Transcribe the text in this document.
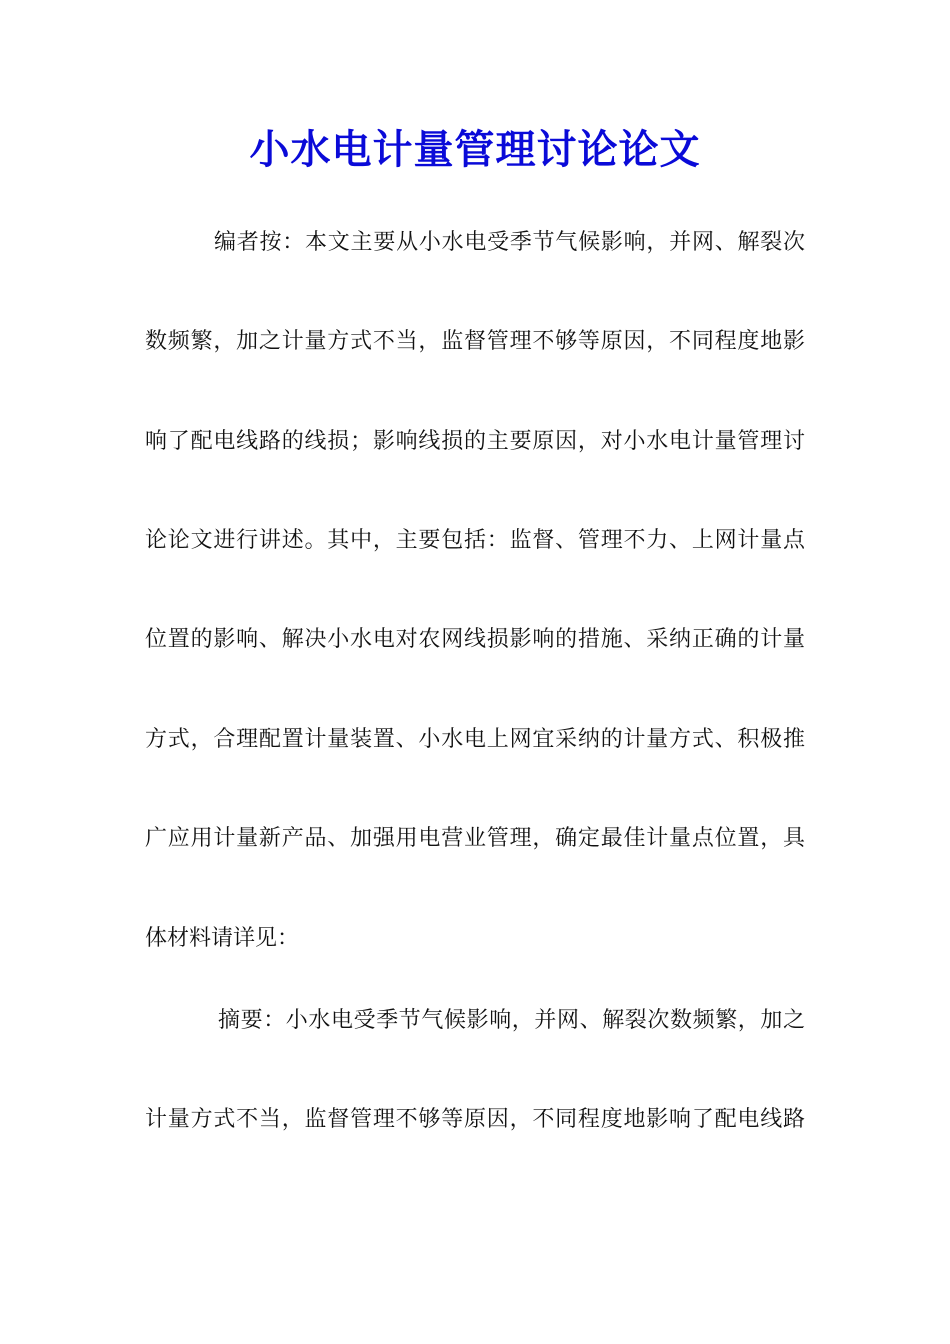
小水电计量管理讨论论文
编者按：本文主要从小水电受季节气候影响，并网、解裂次
数频繁，加之计量方式不当，监督管理不够等原因，不同程度地影
响了配电线路的线损；影响线损的主要原因，对小水电计量管理讨
论论文进行讲述。其中，主要包括：监督、管理不力、上网计量点
位置的影响、解决小水电对农网线损影响的措施、采纳正确的计量
方式，合理配置计量装置、小水电上网宜采纳的计量方式、积极推
广应用计量新产品、加强用电营业管理，确定最佳计量点位置，具
体材料请详见：
摘要：小水电受季节气候影响，并网、解裂次数频繁，加之
计量方式不当，监督管理不够等原因，不同程度地影响了配电线路
